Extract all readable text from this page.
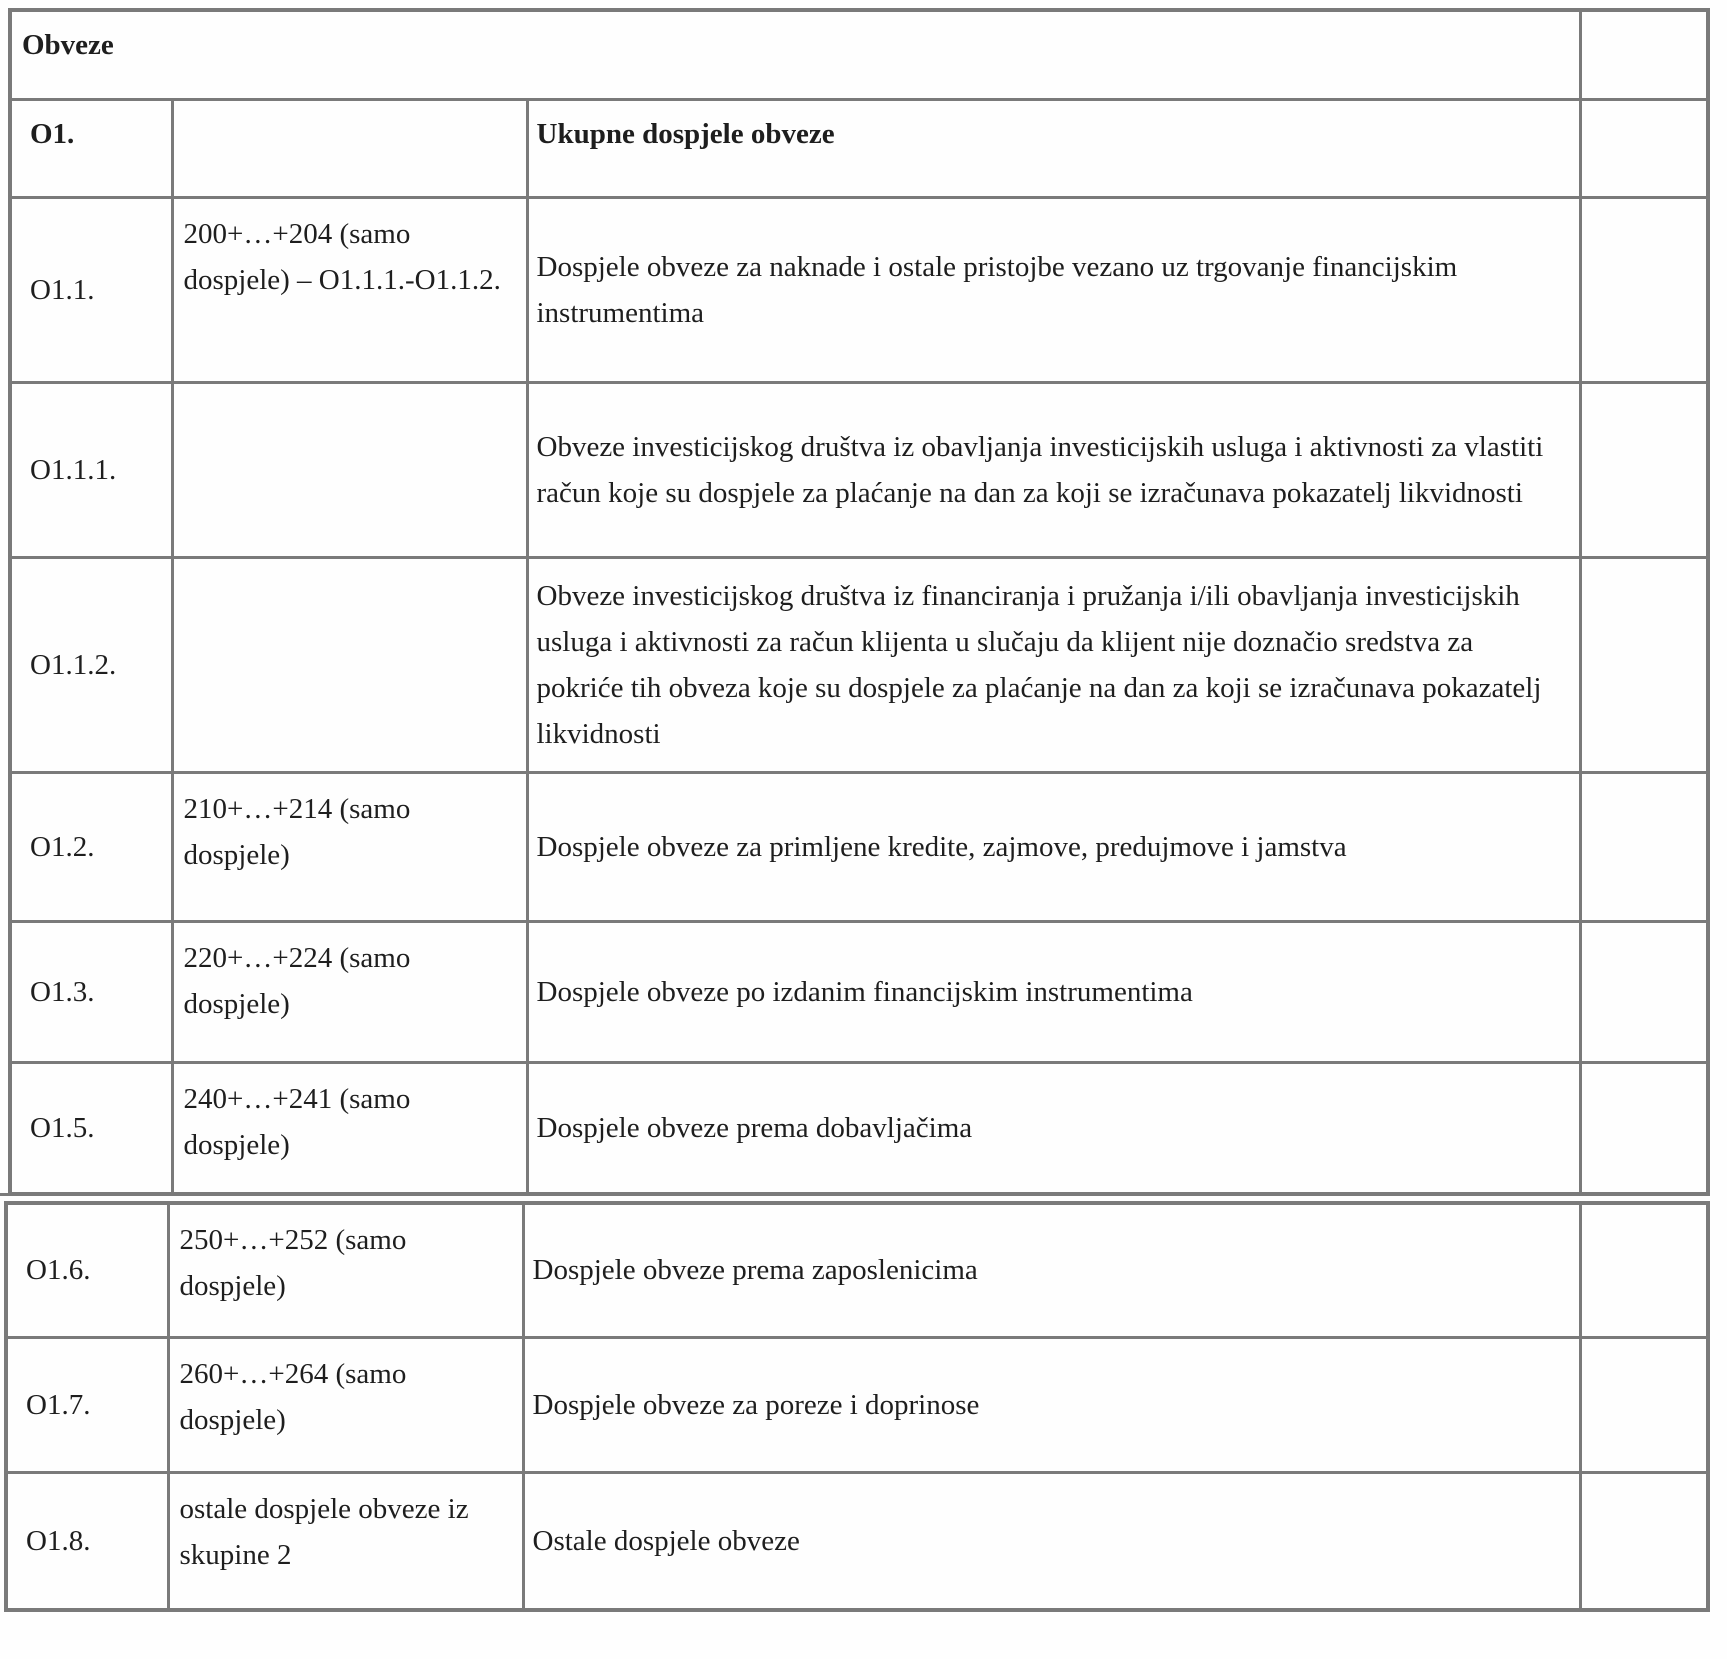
Obveze			
O1.		Ukupne dospjele obveze	
O1.1.	200+…+204 (samo dospjele) – O1.1.1.-O1.1.2.	Dospjele obveze za naknade i ostale pristojbe vezano uz trgovanje financijskim instrumentima	
O1.1.1.		Obveze investicijskog društva iz obavljanja investicijskih usluga i aktivnosti za vlastiti račun koje su dospjele za plaćanje na dan za koji se izračunava pokazatelj likvidnosti	
O1.1.2.		Obveze investicijskog društva iz financiranja i pružanja i/ili obavljanja investicijskih usluga i aktivnosti za račun klijenta u slučaju da klijent nije doznačio sredstva za pokriće tih obveza koje su dospjele za plaćanje na dan za koji se izračunava pokazatelj likvidnosti	
O1.2.	210+…+214 (samo dospjele)	Dospjele obveze za primljene kredite, zajmove, predujmove i jamstva	
O1.3.	220+…+224 (samo dospjele)	Dospjele obveze po izdanim financijskim instrumentima	
O1.5.	240+…+241 (samo dospjele)	Dospjele obveze prema dobavljačima	
O1.6.	250+…+252 (samo dospjele)	Dospjele obveze prema zaposlenicima	
O1.7.	260+…+264 (samo dospjele)	Dospjele obveze za poreze i doprinose	
O1.8.	ostale dospjele obveze iz skupine 2	Ostale dospjele obveze	
